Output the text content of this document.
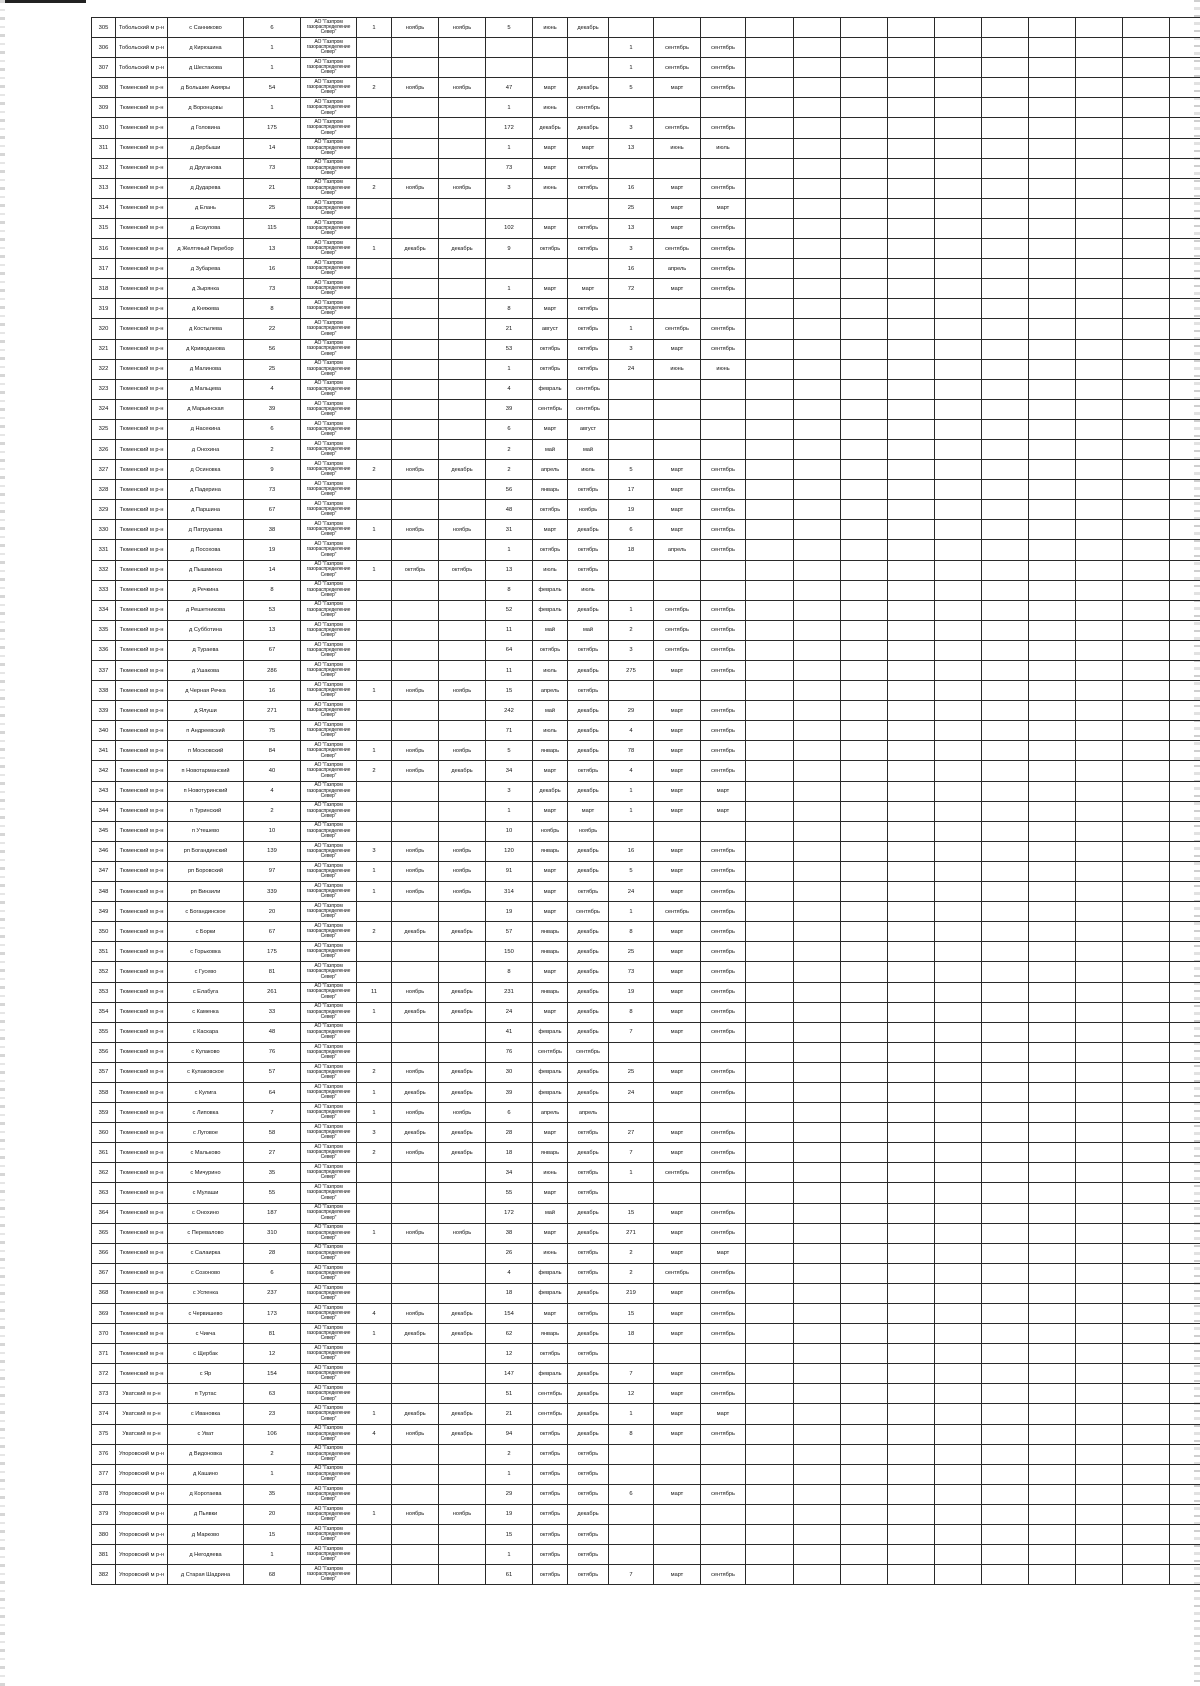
305	Тобольский м р-н	с Санниково	6	АО "Газпром газораспределение Север"	1	ноябрь	ноябрь	5	июнь	декабрь													
306	Тобольский м р-н	д Кирюшина	1	АО "Газпром газораспределение Север"							1	сентябрь	сентябрь										
307	Тобольский м р-н	д Шестакова	1	АО "Газпром газораспределение Север"							1	сентябрь	сентябрь										
308	Тюменский м р-н	д Большие Акияры	54	АО "Газпром газораспределение Север"	2	ноябрь	ноябрь	47	март	декабрь	5	март	сентябрь										
309	Тюменский м р-н	д Воронцовы	1	АО "Газпром газораспределение Север"				1	июнь	сентябрь													
310	Тюменский м р-н	д Головина	175	АО "Газпром газораспределение Север"				172	декабрь	декабрь	3	сентябрь	сентябрь										
311	Тюменский м р-н	д Дербыши	14	АО "Газпром газораспределение Север"				1	март	март	13	июнь	июль										
312	Тюменский м р-н	д Друганова	73	АО "Газпром газораспределение Север"				73	март	октябрь													
313	Тюменский м р-н	д Дударева	21	АО "Газпром газораспределение Север"	2	ноябрь	ноябрь	3	июнь	октябрь	16	март	сентябрь										
314	Тюменский м р-н	д Елань	25	АО "Газпром газораспределение Север"							25	март	март										
315	Тюменский м р-н	д Есаулова	115	АО "Газпром газораспределение Север"				102	март	октябрь	13	март	сентябрь										
316	Тюменский м р-н	д Желтяный Перебор	13	АО "Газпром газораспределение Север"	1	декабрь	декабрь	9	октябрь	октябрь	3	сентябрь	сентябрь										
317	Тюменский м р-н	д Зубарева	16	АО "Газпром газораспределение Север"							16	апрель	сентябрь										
318	Тюменский м р-н	д Зырянка	73	АО "Газпром газораспределение Север"				1	март	март	72	март	сентябрь										
319	Тюменский м р-н	д Княжева	8	АО "Газпром газораспределение Север"				8	март	октябрь													
320	Тюменский м р-н	д Костылева	22	АО "Газпром газораспределение Север"				21	август	октябрь	1	сентябрь	сентябрь										
321	Тюменский м р-н	д Криводанова	56	АО "Газпром газораспределение Север"				53	октябрь	октябрь	3	март	сентябрь										
322	Тюменский м р-н	д Малинова	25	АО "Газпром газораспределение Север"				1	октябрь	октябрь	24	июнь	июнь										
323	Тюменский м р-н	д Мальцева	4	АО "Газпром газораспределение Север"				4	февраль	сентябрь													
324	Тюменский м р-н	д Марьинская	39	АО "Газпром газораспределение Север"				39	сентябрь	сентябрь													
325	Тюменский м р-н	д Насекина	6	АО "Газпром газораспределение Север"				6	март	август													
326	Тюменский м р-н	д Онохина	2	АО "Газпром газораспределение Север"				2	май	май													
327	Тюменский м р-н	д Осиновка	9	АО "Газпром газораспределение Север"	2	ноябрь	декабрь	2	апрель	июль	5	март	сентябрь										
328	Тюменский м р-н	д Падерина	73	АО "Газпром газораспределение Север"				56	январь	октябрь	17	март	сентябрь										
329	Тюменский м р-н	д Паршина	67	АО "Газпром газораспределение Север"				48	октябрь	ноябрь	19	март	сентябрь										
330	Тюменский м р-н	д Патрушева	38	АО "Газпром газораспределение Север"	1	ноябрь	ноябрь	31	март	декабрь	6	март	сентябрь										
331	Тюменский м р-н	д Посохова	19	АО "Газпром газораспределение Север"				1	октябрь	октябрь	18	апрель	сентябрь										
332	Тюменский м р-н	д Пышминка	14	АО "Газпром газораспределение Север"	1	октябрь	октябрь	13	июль	октябрь													
333	Тюменский м р-н	д Речкина	8	АО "Газпром газораспределение Север"				8	февраль	июль													
334	Тюменский м р-н	д Решетникова	53	АО "Газпром газораспределение Север"				52	февраль	декабрь	1	сентябрь	сентябрь										
335	Тюменский м р-н	д Субботина	13	АО "Газпром газораспределение Север"				11	май	май	2	сентябрь	сентябрь										
336	Тюменский м р-н	д Тураева	67	АО "Газпром газораспределение Север"				64	октябрь	октябрь	3	сентябрь	сентябрь										
337	Тюменский м р-н	д Ушакова	286	АО "Газпром газораспределение Север"				11	июль	декабрь	275	март	сентябрь										
338	Тюменский м р-н	д Черная Речка	16	АО "Газпром газораспределение Север"	1	ноябрь	ноябрь	15	апрель	октябрь													
339	Тюменский м р-н	д Ялуши	271	АО "Газпром газораспределение Север"				242	май	декабрь	29	март	сентябрь										
340	Тюменский м р-н	п Андреевский	75	АО "Газпром газораспределение Север"				71	июль	декабрь	4	март	сентябрь										
341	Тюменский м р-н	п Московский	84	АО "Газпром газораспределение Север"	1	ноябрь	ноябрь	5	январь	декабрь	78	март	сентябрь										
342	Тюменский м р-н	п Новотарманский	40	АО "Газпром газораспределение Север"	2	ноябрь	декабрь	34	март	октябрь	4	март	сентябрь										
343	Тюменский м р-н	п Новотуринский	4	АО "Газпром газораспределение Север"				3	декабрь	декабрь	1	март	март										
344	Тюменский м р-н	п Туринский	2	АО "Газпром газораспределение Север"				1	март	март	1	март	март										
345	Тюменский м р-н	п Утешево	10	АО "Газпром газораспределение Север"				10	ноябрь	ноябрь													
346	Тюменский м р-н	рп Богандинский	139	АО "Газпром газораспределение Север"	3	ноябрь	ноябрь	120	январь	декабрь	16	март	сентябрь										
347	Тюменский м р-н	рп Боровский	97	АО "Газпром газораспределение Север"	1	ноябрь	ноябрь	91	март	декабрь	5	март	сентябрь										
348	Тюменский м р-н	рп Винзили	339	АО "Газпром газораспределение Север"	1	ноябрь	ноябрь	314	март	октябрь	24	март	сентябрь										
349	Тюменский м р-н	с Богандинское	20	АО "Газпром газораспределение Север"				19	март	сентябрь	1	сентябрь	сентябрь										
350	Тюменский м р-н	с Борки	67	АО "Газпром газораспределение Север"	2	декабрь	декабрь	57	январь	декабрь	8	март	сентябрь										
351	Тюменский м р-н	с Горьковка	175	АО "Газпром газораспределение Север"				150	январь	декабрь	25	март	сентябрь										
352	Тюменский м р-н	с Гусево	81	АО "Газпром газораспределение Север"				8	март	декабрь	73	март	сентябрь										
353	Тюменский м р-н	с Елабуга	261	АО "Газпром газораспределение Север"	11	ноябрь	декабрь	231	январь	декабрь	19	март	сентябрь										
354	Тюменский м р-н	с Каменка	33	АО "Газпром газораспределение Север"	1	декабрь	декабрь	24	март	декабрь	8	март	сентябрь										
355	Тюменский м р-н	с Каскара	48	АО "Газпром газораспределение Север"				41	февраль	декабрь	7	март	сентябрь										
356	Тюменский м р-н	с Кулаково	76	АО "Газпром газораспределение Север"				76	сентябрь	сентябрь													
357	Тюменский м р-н	с Кулаковское	57	АО "Газпром газораспределение Север"	2	ноябрь	декабрь	30	февраль	декабрь	25	март	сентябрь										
358	Тюменский м р-н	с Кулига	64	АО "Газпром газораспределение Север"	1	декабрь	декабрь	39	февраль	декабрь	24	март	сентябрь										
359	Тюменский м р-н	с Липовка	7	АО "Газпром газораспределение Север"	1	ноябрь	ноябрь	6	апрель	апрель													
360	Тюменский м р-н	с Луговое	58	АО "Газпром газораспределение Север"	3	декабрь	декабрь	28	март	октябрь	27	март	сентябрь										
361	Тюменский м р-н	с Мальково	27	АО "Газпром газораспределение Север"	2	ноябрь	декабрь	18	январь	декабрь	7	март	сентябрь										
362	Тюменский м р-н	с Мичурино	35	АО "Газпром газораспределение Север"				34	июнь	октябрь	1	сентябрь	сентябрь										
363	Тюменский м р-н	с Мулаши	55	АО "Газпром газораспределение Север"				55	март	октябрь													
364	Тюменский м р-н	с Онохино	187	АО "Газпром газораспределение Север"				172	май	декабрь	15	март	сентябрь										
365	Тюменский м р-н	с Перевалово	310	АО "Газпром газораспределение Север"	1	ноябрь	ноябрь	38	март	декабрь	271	март	сентябрь										
366	Тюменский м р-н	с Салаирка	28	АО "Газпром газораспределение Север"				26	июнь	октябрь	2	март	март										
367	Тюменский м р-н	с Созоново	6	АО "Газпром газораспределение Север"				4	февраль	октябрь	2	сентябрь	сентябрь										
368	Тюменский м р-н	с Успенка	237	АО "Газпром газораспределение Север"				18	февраль	декабрь	219	март	сентябрь										
369	Тюменский м р-н	с Червишево	173	АО "Газпром газораспределение Север"	4	ноябрь	декабрь	154	март	октябрь	15	март	сентябрь										
370	Тюменский м р-н	с Чикча	81	АО "Газпром газораспределение Север"	1	декабрь	декабрь	62	январь	декабрь	18	март	сентябрь										
371	Тюменский м р-н	с Щербак	12	АО "Газпром газораспределение Север"				12	октябрь	октябрь													
372	Тюменский м р-н	с Яр	154	АО "Газпром газораспределение Север"				147	февраль	декабрь	7	март	сентябрь										
373	Уватский м р-н	п Туртас	63	АО "Газпром газораспределение Север"				51	сентябрь	декабрь	12	март	сентябрь										
374	Уватский м р-н	с Ивановка	23	АО "Газпром газораспределение Север"	1	декабрь	декабрь	21	сентябрь	декабрь	1	март	март										
375	Уватский м р-н	с Уват	106	АО "Газпром газораспределение Север"	4	ноябрь	декабрь	94	октябрь	декабрь	8	март	сентябрь										
376	Упоровский м р-н	д Видоновка	2	АО "Газпром газораспределение Север"				2	октябрь	октябрь													
377	Упоровский м р-н	д Кашино	1	АО "Газпром газораспределение Север"				1	октябрь	октябрь													
378	Упоровский м р-н	д Коротаева	35	АО "Газпром газораспределение Север"				29	октябрь	октябрь	6	март	сентябрь										
379	Упоровский м р-н	д Пьявки	20	АО "Газпром газораспределение Север"	1	ноябрь	ноябрь	19	октябрь	декабрь													
380	Упоровский м р-н	д Марково	15	АО "Газпром газораспределение Север"				15	октябрь	октябрь													
381	Упоровский м р-н	д Негодяева	1	АО "Газпром газораспределение Север"				1	октябрь	октябрь													
382	Упоровский м р-н	д Старая Шадрина	68	АО "Газпром газораспределение Север"				61	октябрь	октябрь	7	март	сентябрь										
